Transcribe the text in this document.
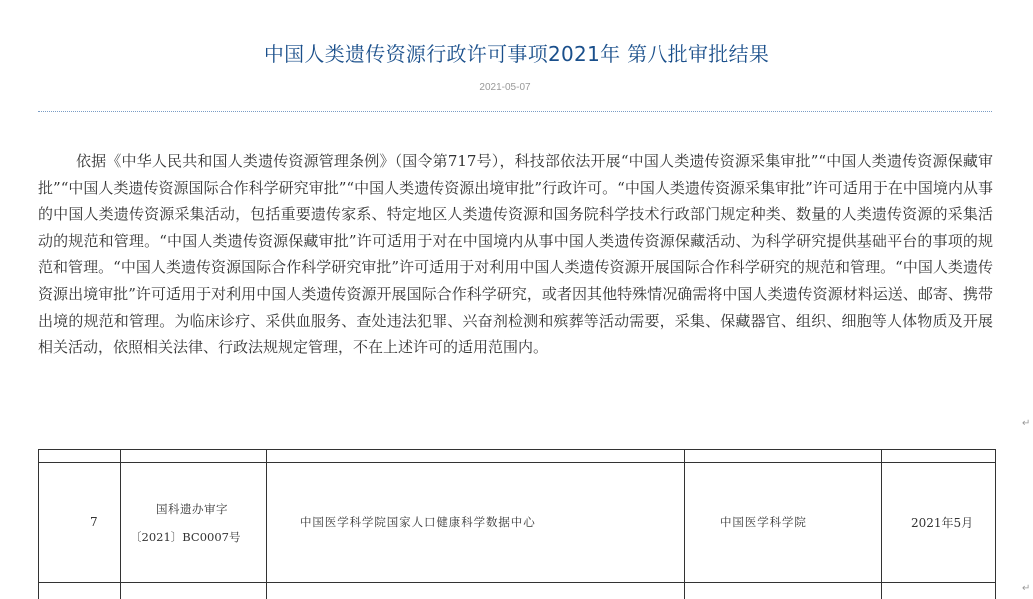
中国人类遗传资源行政许可事项2021年 第八批审批结果
2021-05-07

依据《中华人民共和国人类遗传资源管理条例》（国令第717号），科技部依法开展“中国人类遗传资源采集审批”“中国人类遗传资源保藏审批”“中国人类遗传资源国际合作科学研究审批”“中国人类遗传资源出境审批”行政许可。“中国人类遗传资源采集审批”许可适用于在中国境内从事的中国人类遗传资源采集活动，包括重要遗传家系、特定地区人类遗传资源和国务院科学技术行政部门规定种类、数量的人类遗传资源的采集活动的规范和管理。“中国人类遗传资源保藏审批”许可适用于对在中国境内从事中国人类遗传资源保藏活动、为科学研究提供基础平台的事项的规范和管理。“中国人类遗传资源国际合作科学研究审批”许可适用于对利用中国人类遗传资源开展国际合作科学研究的规范和管理。“中国人类遗传资源出境审批”许可适用于对利用中国人类遗传资源开展国际合作科学研究，或者因其他特殊情况确需将中国人类遗传资源材料运送、邮寄、携带出境的规范和管理。为临床诊疗、采供血服务、查处违法犯罪、兴奋剂检测和殡葬等活动需要，采集、保藏器官、组织、细胞等人体物质及开展相关活动，依照相关法律、行政法规规定管理，不在上述许可的适用范围内。

↵
↵
7
国科遗办审字
〔2021〕BC0007号
中国医学科学院国家人口健康科学数据中心	中国医学科学院	2021年5月
